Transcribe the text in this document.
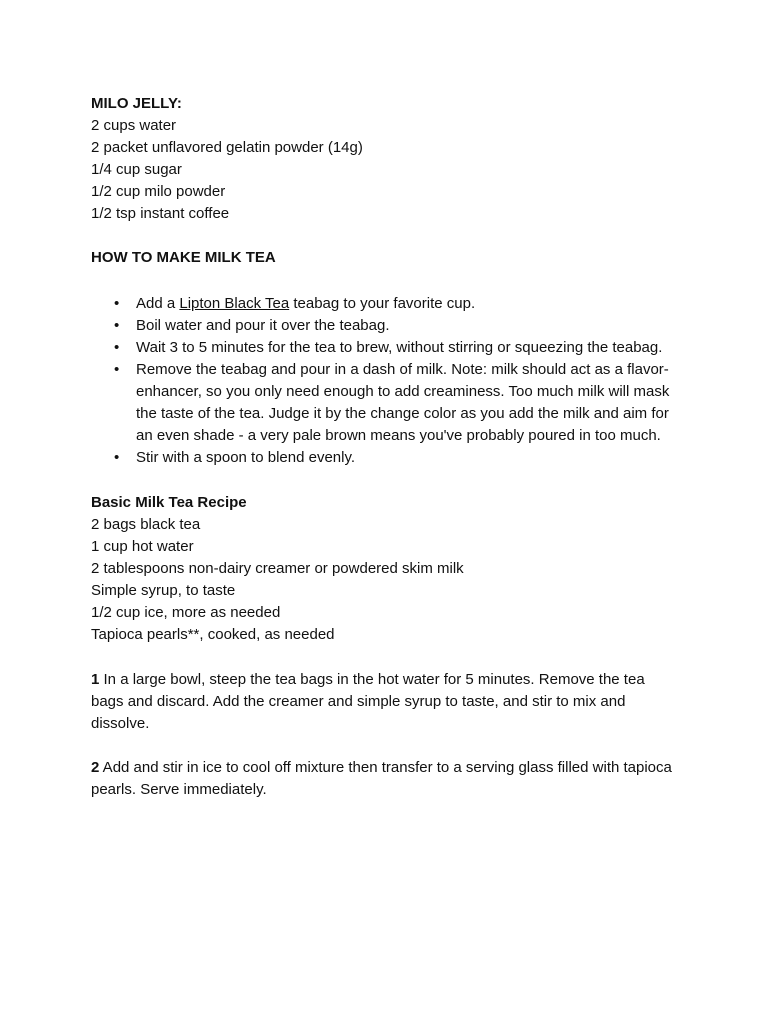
MILO JELLY:
2 cups water
2 packet unflavored gelatin powder (14g)
1/4 cup sugar
1/2 cup milo powder
1/2 tsp instant coffee
HOW TO MAKE MILK TEA
• Add a Lipton Black Tea teabag to your favorite cup.
• Boil water and pour it over the teabag.
• Wait 3 to 5 minutes for the tea to brew, without stirring or squeezing the teabag.
• Remove the teabag and pour in a dash of milk. Note: milk should act as a flavor-enhancer, so you only need enough to add creaminess. Too much milk will mask the taste of the tea. Judge it by the change color as you add the milk and aim for an even shade - a very pale brown means you've probably poured in too much.
• Stir with a spoon to blend evenly.
Basic Milk Tea Recipe
2 bags black tea
1 cup hot water
2 tablespoons non-dairy creamer or powdered skim milk
Simple syrup, to taste
1/2 cup ice, more as needed
Tapioca pearls**, cooked, as needed

1 In a large bowl, steep the tea bags in the hot water for 5 minutes. Remove the tea bags and discard. Add the creamer and simple syrup to taste, and stir to mix and dissolve.

2 Add and stir in ice to cool off mixture then transfer to a serving glass filled with tapioca pearls. Serve immediately.
